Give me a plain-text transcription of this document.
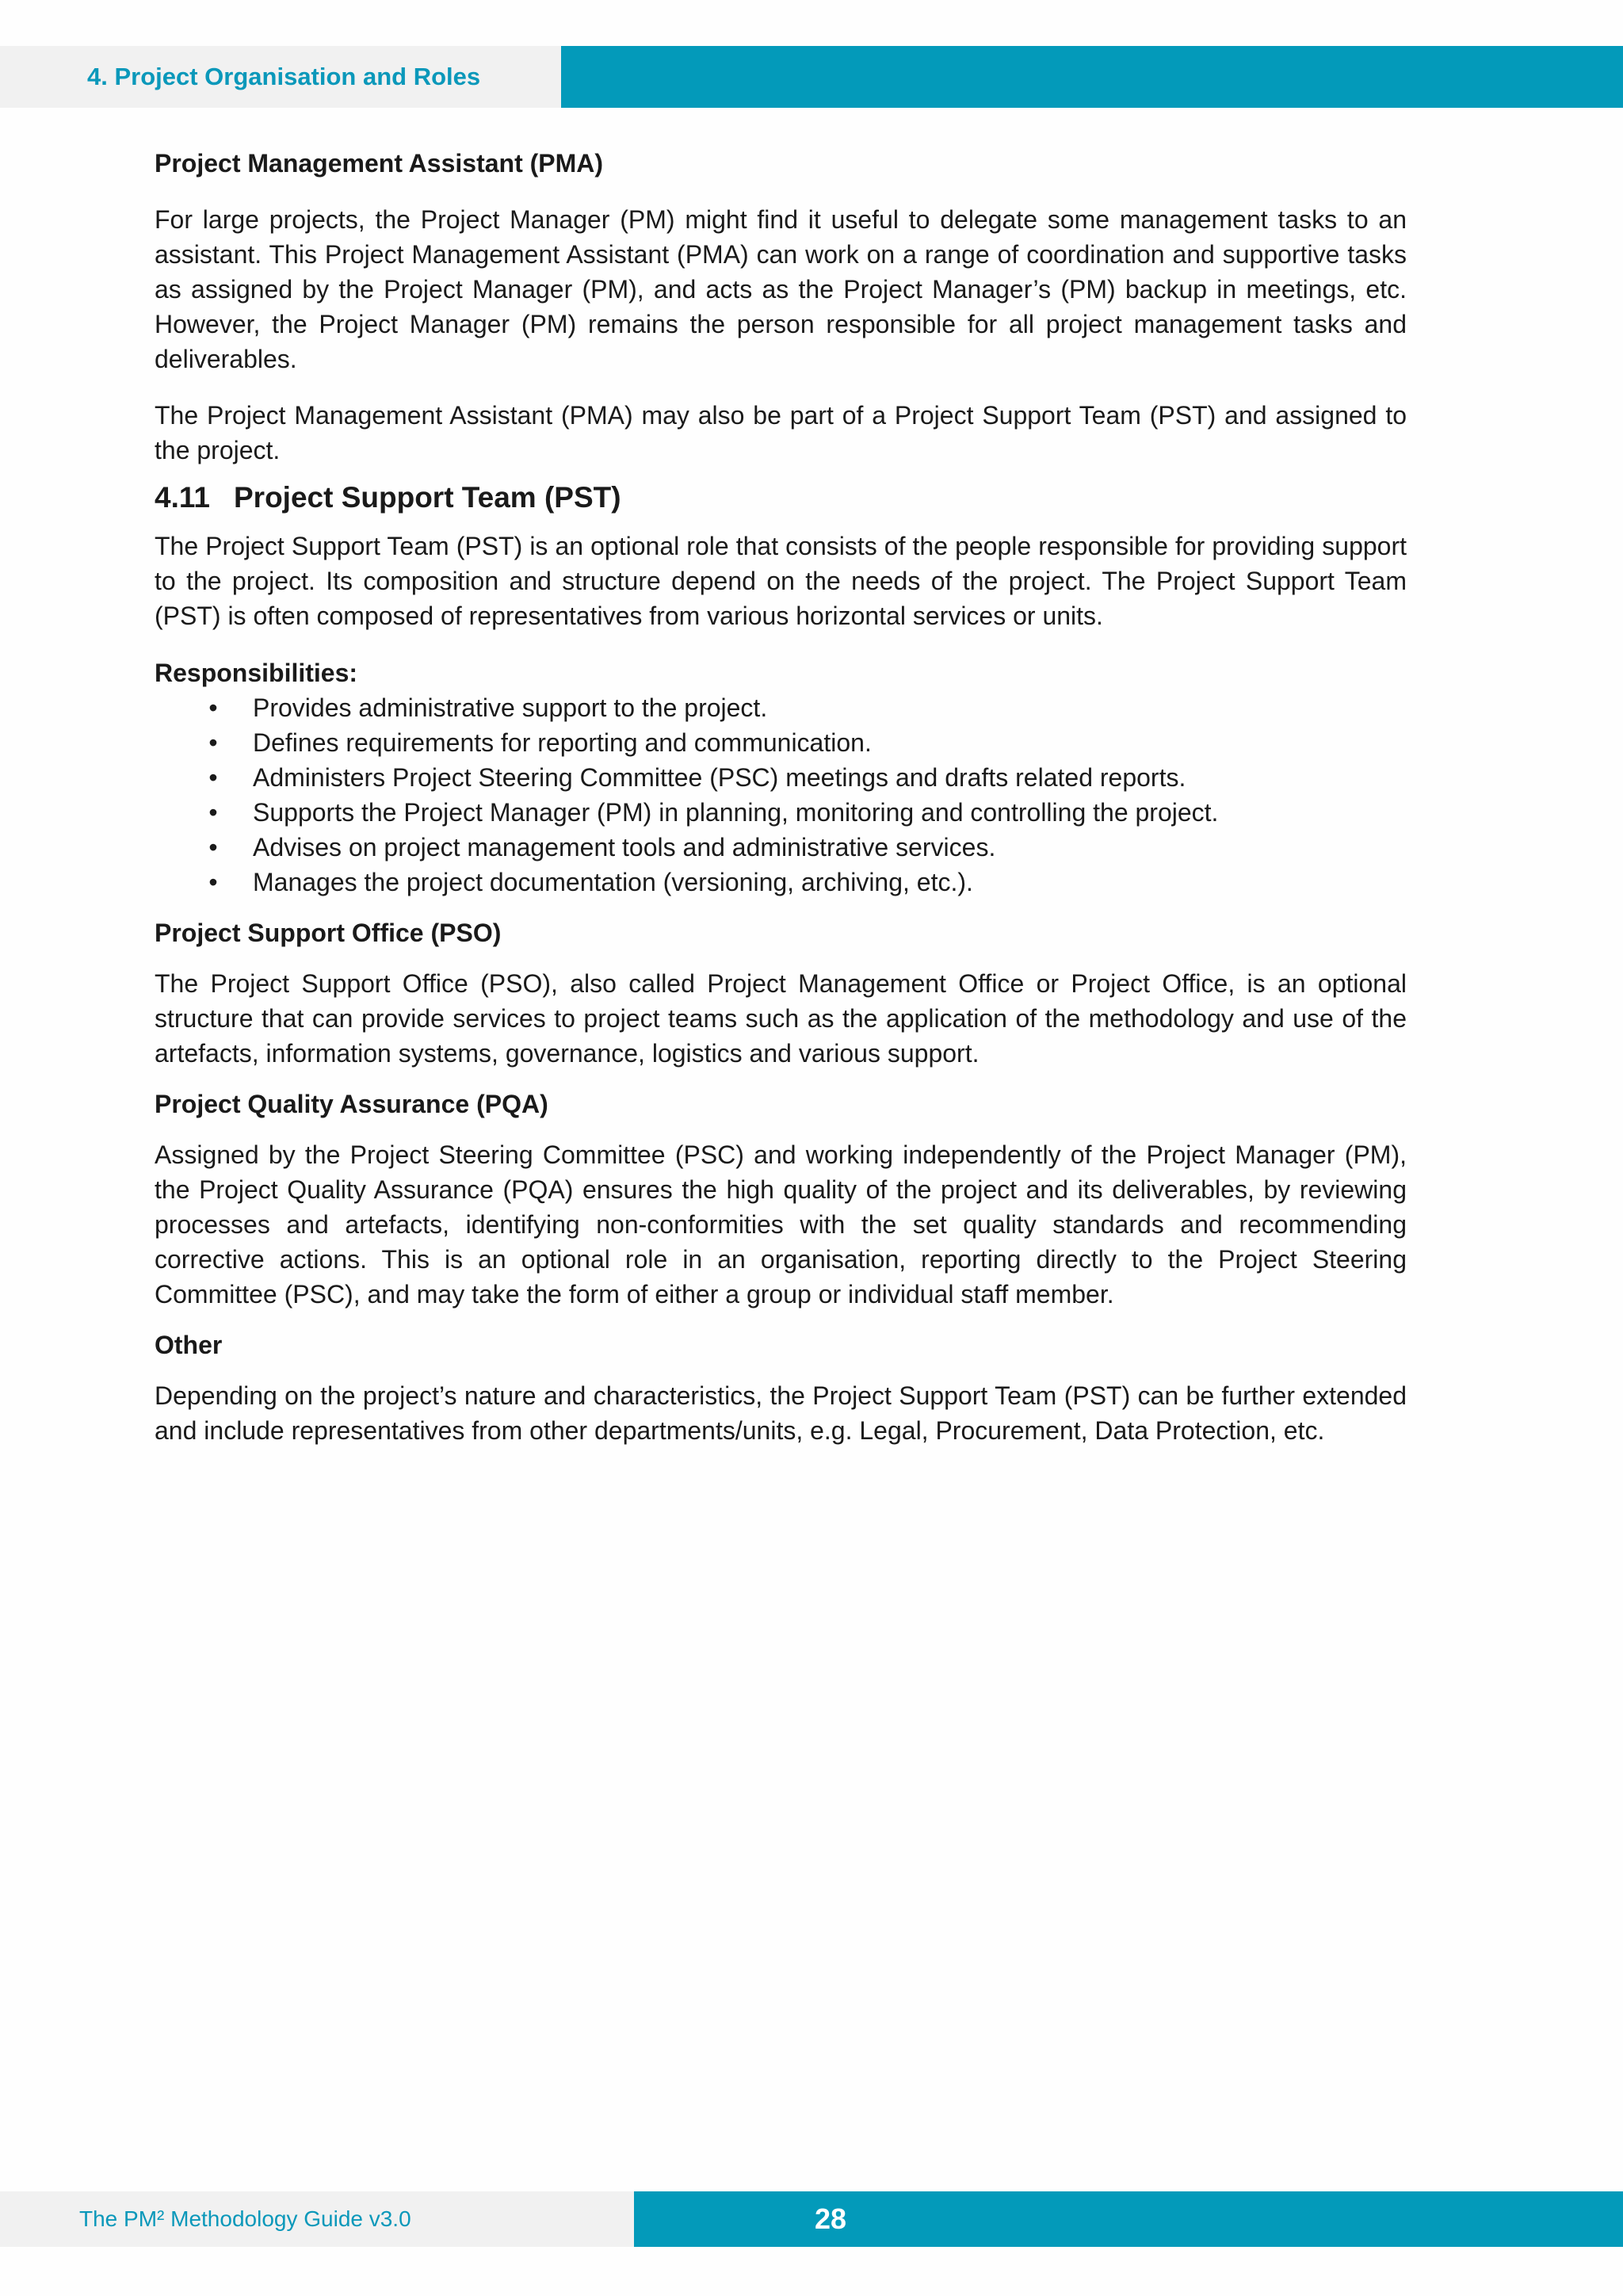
4. Project Organisation and Roles
Project Management Assistant (PMA)

For large projects, the Project Manager (PM) might find it useful to delegate some management tasks to an assistant. This Project Management Assistant (PMA) can work on a range of coordination and supportive tasks as assigned by the Project Manager (PM), and acts as the Project Manager’s (PM) backup in meetings, etc. However, the Project Manager (PM) remains the person responsible for all project management tasks and deliverables.

The Project Management Assistant (PMA) may also be part of a Project Support Team (PST) and assigned to the project.

4.11 Project Support Team (PST)

The Project Support Team (PST) is an optional role that consists of the people responsible for providing support to the project. Its composition and structure depend on the needs of the project. The Project Support Team (PST) is often composed of representatives from various horizontal services or units.

Responsibilities:
• Provides administrative support to the project.
• Defines requirements for reporting and communication.
• Administers Project Steering Committee (PSC) meetings and drafts related reports.
• Supports the Project Manager (PM) in planning, monitoring and controlling the project.
• Advises on project management tools and administrative services.
• Manages the project documentation (versioning, archiving, etc.).
Project Support Office (PSO)

The Project Support Office (PSO), also called Project Management Office or Project Office, is an optional structure that can provide services to project teams such as the application of the methodology and use of the artefacts, information systems, governance, logistics and various support.

Project Quality Assurance (PQA)

Assigned by the Project Steering Committee (PSC) and working independently of the Project Manager (PM), the Project Quality Assurance (PQA) ensures the high quality of the project and its deliverables, by reviewing processes and artefacts, identifying non-conformities with the set quality standards and recommending corrective actions. This is an optional role in an organisation, reporting directly to the Project Steering Committee (PSC), and may take the form of either a group or individual staff member.

Other

Depending on the project’s nature and characteristics, the Project Support Team (PST) can be further extended and include representatives from other departments/units, e.g. Legal, Procurement, Data Protection, etc.

The PM² Methodology Guide v3.0	28
